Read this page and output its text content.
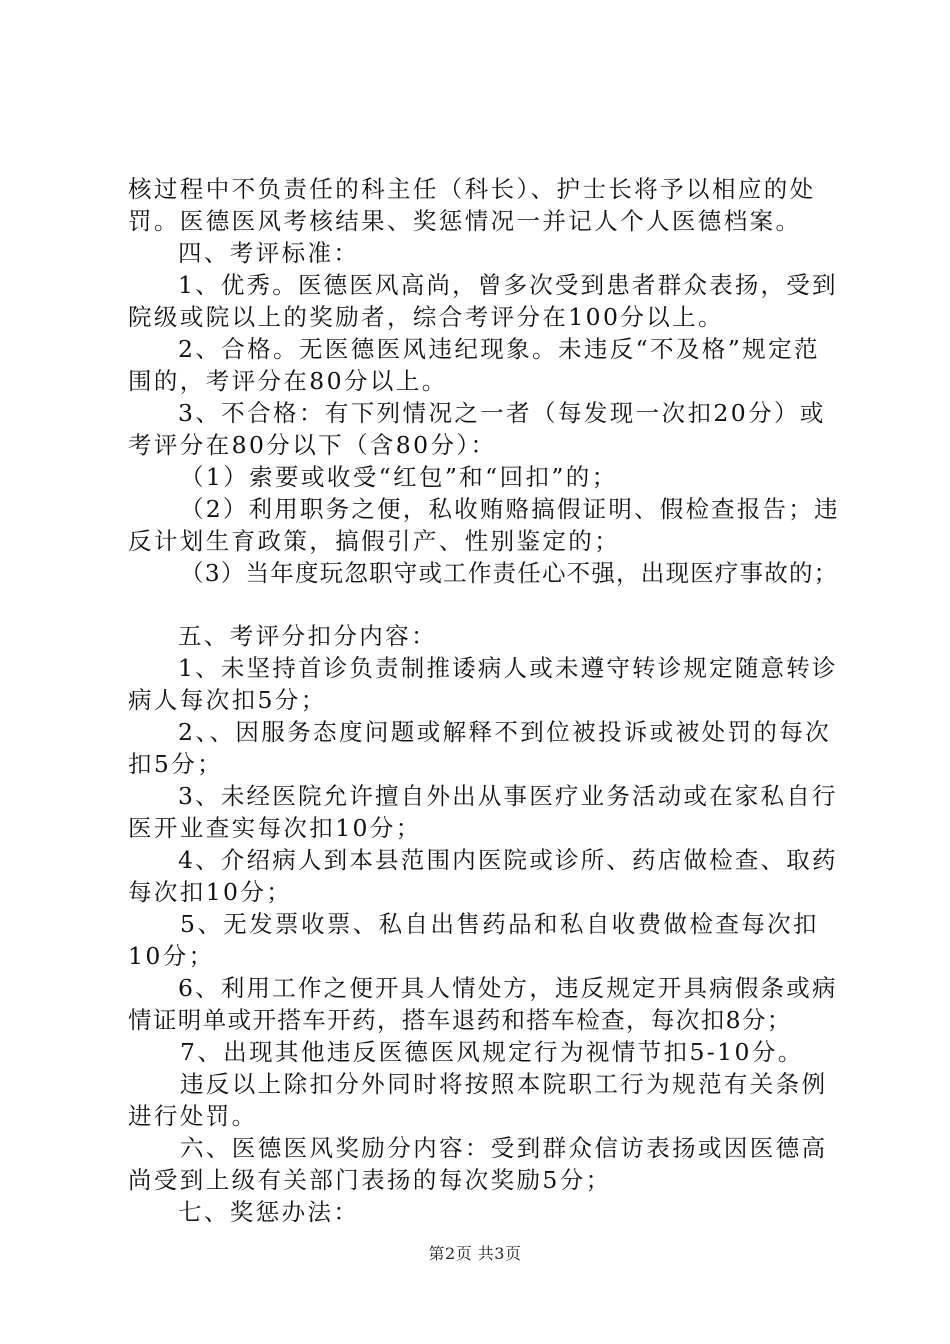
核过程中不负责任的科主任（科长）、护士长将予以相应的处
罚。医德医风考核结果、奖惩情况一并记人个人医德档案。
四、考评标准：
1、优秀。医德医风高尚，曾多次受到患者群众表扬，受到
院级或院以上的奖励者，综合考评分在100分以上。
2、合格。无医德医风违纪现象。未违反“不及格”规定范
围的，考评分在80分以上。
3、不合格：有下列情况之一者（每发现一次扣20分）或
考评分在80分以下（含80分）：
（1）索要或收受“红包”和“回扣”的；
（2）利用职务之便，私收贿赂搞假证明、假检查报告；违
反计划生育政策，搞假引产、性别鉴定的；
（3）当年度玩忽职守或工作责任心不强，出现医疗事故的；
五、考评分扣分内容：
1、未坚持首诊负责制推诿病人或未遵守转诊规定随意转诊
病人每次扣5分；
2、、因服务态度问题或解释不到位被投诉或被处罚的每次
扣5分；
3、未经医院允许擅自外出从事医疗业务活动或在家私自行
医开业查实每次扣10分；
4、介绍病人到本县范围内医院或诊所、药店做检查、取药
每次扣10分；
5、无发票收票、私自出售药品和私自收费做检查每次扣
10分；
6、利用工作之便开具人情处方，违反规定开具病假条或病
情证明单或开搭车开药，搭车退药和搭车检查，每次扣8分；
7、出现其他违反医德医风规定行为视情节扣5-10分。
违反以上除扣分外同时将按照本院职工行为规范有关条例
进行处罚。
六、医德医风奖励分内容：受到群众信访表扬或因医德高
尚受到上级有关部门表扬的每次奖励5分；
七、奖惩办法：
第2页 共3页
